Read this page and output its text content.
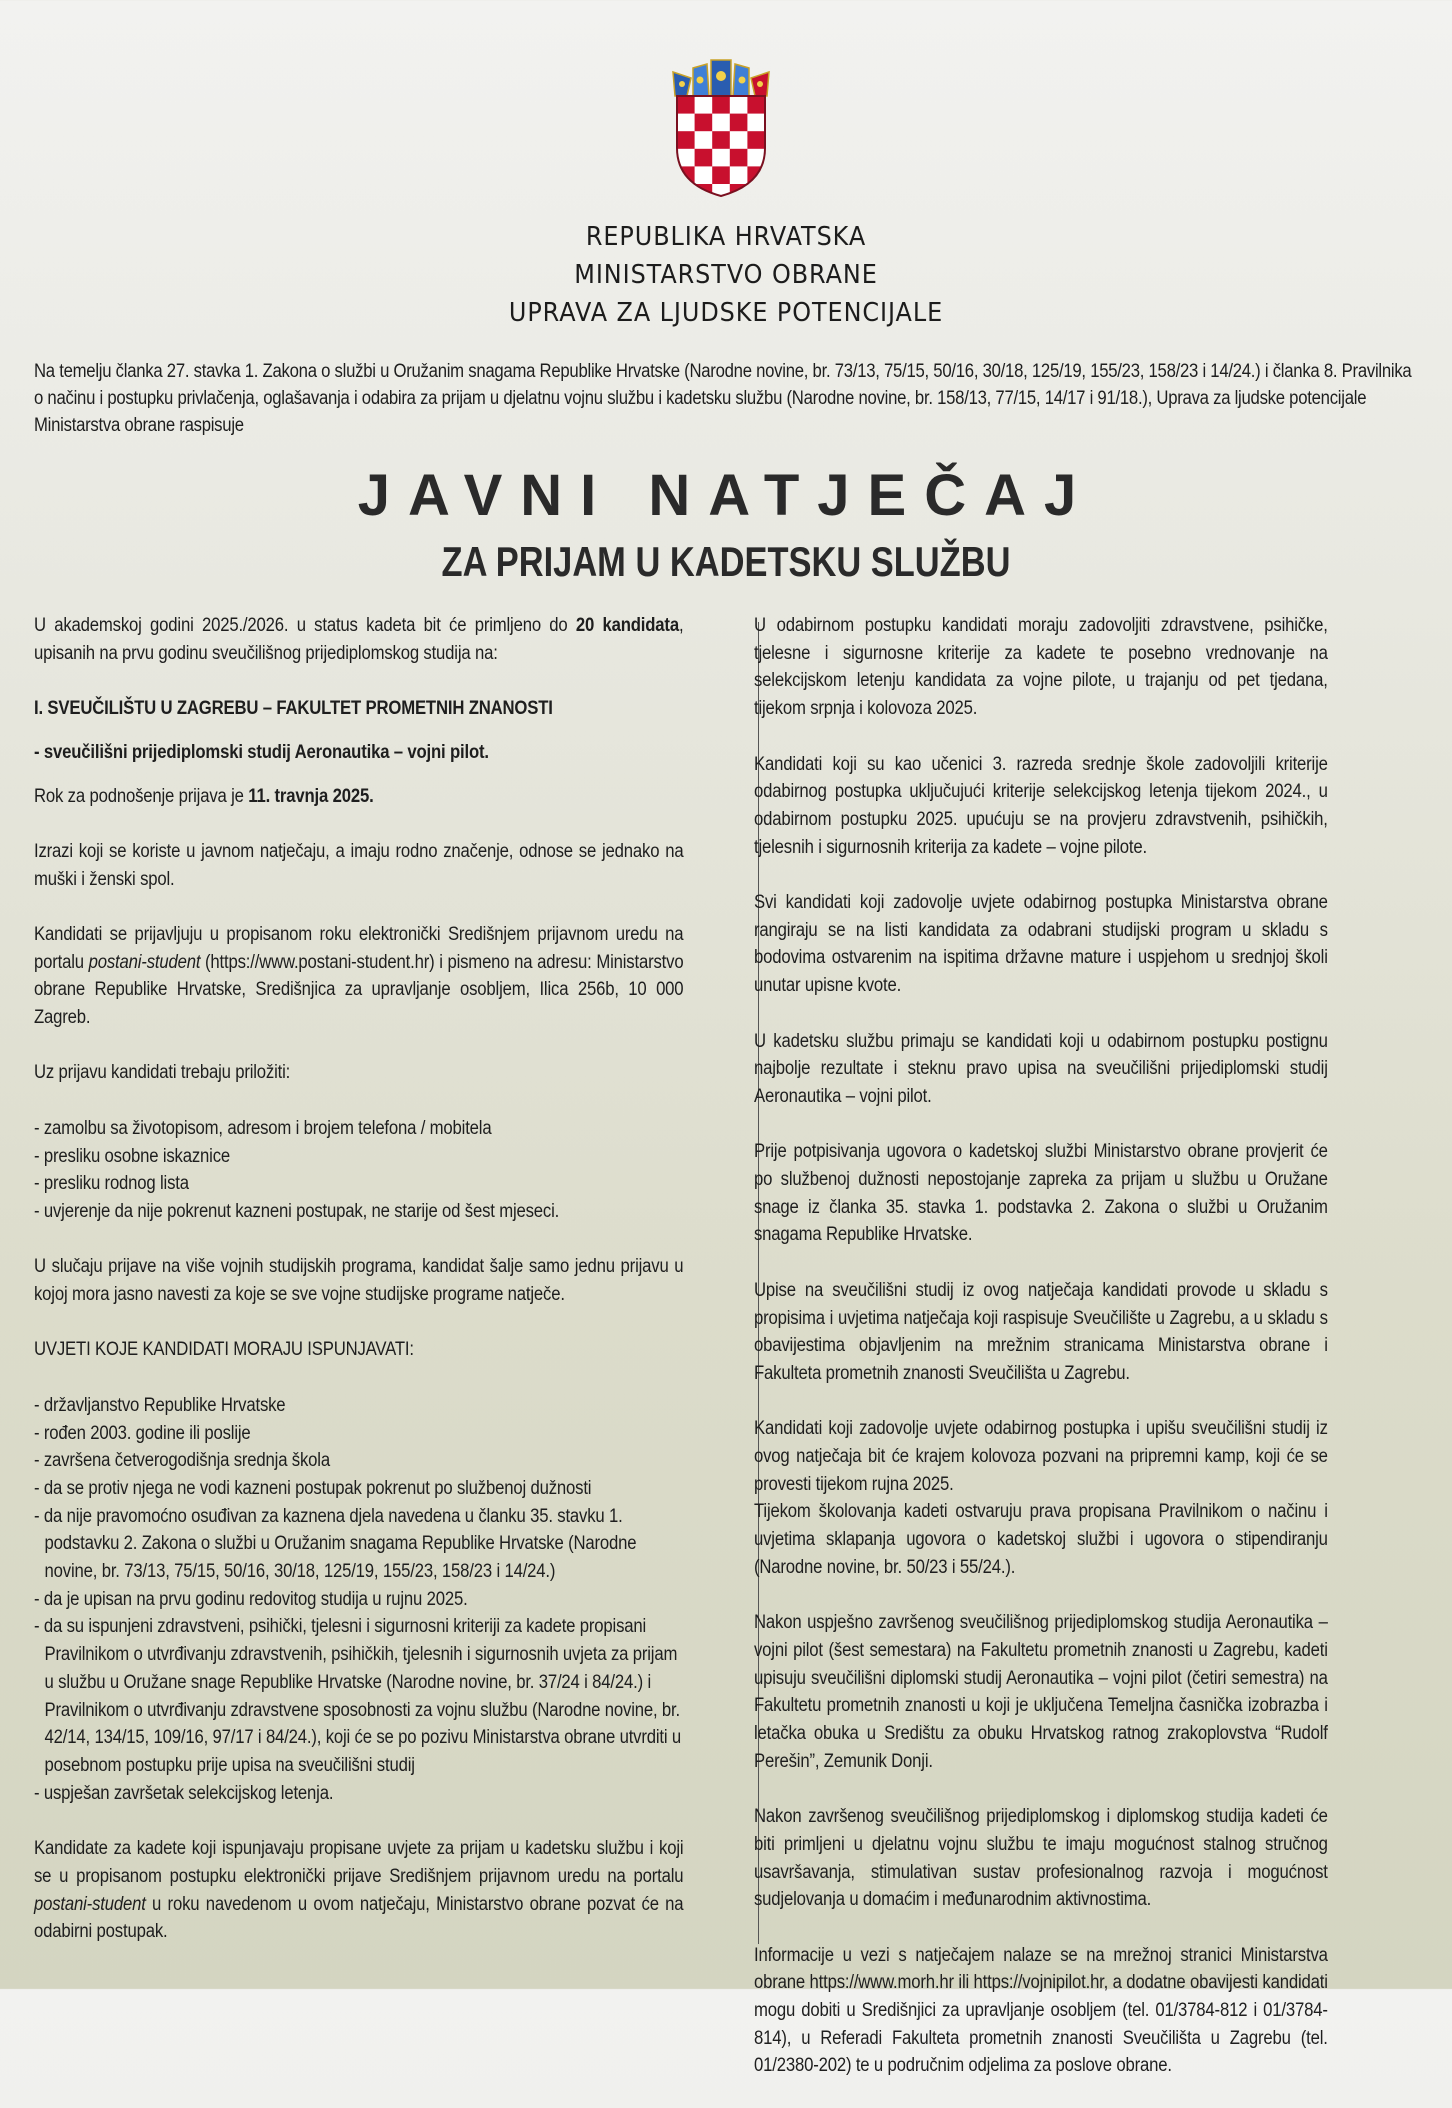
REPUBLIKA HRVATSKA
MINISTARSTVO OBRANE
UPRAVA ZA LJUDSKE POTENCIJALE
Na temelju članka 27. stavka 1. Zakona o službi u Oružanim snagama Republike Hrvatske (Narodne novine, br. 73/13, 75/15, 50/16, 30/18, 125/19, 155/23, 158/23 i 14/24.) i članka 8. Pravilnika o načinu i postupku privlačenja, oglašavanja i odabira za prijam u djelatnu vojnu službu i kadetsku službu (Narodne novine, br. 158/13, 77/15, 14/17 i 91/18.), Uprava za ljudske potencijale Ministarstva obrane raspisuje
JAVNI NATJEČAJ
ZA PRIJAM U KADETSKU SLUŽBU

U akademskoj godini 2025./2026. u status kadeta bit će primljeno do 20 kandidata, upisanih na prvu godinu sveučilišnog prijediplomskog studija na:

I. SVEUČILIŠTU U ZAGREBU – FAKULTET PROMETNIH ZNANOSTI

- sveučilišni prijediplomski studij Aeronautika – vojni pilot.

Rok za podnošenje prijava je 11. travnja 2025.

Izrazi koji se koriste u javnom natječaju, a imaju rodno značenje, odnose se jednako na muški i ženski spol.

Kandidati se prijavljuju u propisanom roku elektronički Središnjem prijavnom uredu na portalu postani-student (https://www.postani-student.hr) i pismeno na adresu: Ministarstvo obrane Republike Hrvatske, Središnjica za upravljanje osobljem, Ilica 256b, 10 000 Zagreb.

Uz prijavu kandidati trebaju priložiti:

- zamolbu sa životopisom, adresom i brojem telefona / mobitela
- presliku osobne iskaznice
- presliku rodnog lista
- uvjerenje da nije pokrenut kazneni postupak, ne starije od šest mjeseci.

U slučaju prijave na više vojnih studijskih programa, kandidat šalje samo jednu prijavu u kojoj mora jasno navesti za koje se sve vojne studijske programe natječe.

UVJETI KOJE KANDIDATI MORAJU ISPUNJAVATI:

- državljanstvo Republike Hrvatske
- rođen 2003. godine ili poslije
- završena četverogodišnja srednja škola
- da se protiv njega ne vodi kazneni postupak pokrenut po službenoj dužnosti
- da nije pravomoćno osuđivan za kaznena djela navedena u članku 35. stavku 1. podstavku 2. Zakona o službi u Oružanim snagama Republike Hrvatske (Narodne novine, br. 73/13, 75/15, 50/16, 30/18, 125/19, 155/23, 158/23 i 14/24.)
- da je upisan na prvu godinu redovitog studija u rujnu 2025.
- da su ispunjeni zdravstveni, psihički, tjelesni i sigurnosni kriteriji za kadete propisani Pravilnikom o utvrđivanju zdravstvenih, psihičkih, tjelesnih i sigurnosnih uvjeta za prijam u službu u Oružane snage Republike Hrvatske (Narodne novine, br. 37/24 i 84/24.) i Pravilnikom o utvrđivanju zdravstvene sposobnosti za vojnu službu (Narodne novine, br. 42/14, 134/15, 109/16, 97/17 i 84/24.), koji će se po pozivu Ministarstva obrane utvrditi u posebnom postupku prije upisa na sveučilišni studij
- uspješan završetak selekcijskog letenja.

Kandidate za kadete koji ispunjavaju propisane uvjete za prijam u kadetsku službu i koji se u propisanom postupku elektronički prijave Središnjem prijavnom uredu na portalu postani-student u roku navedenom u ovom natječaju, Ministarstvo obrane pozvat će na odabirni postupak.

U odabirnom postupku kandidati moraju zadovoljiti zdravstvene, psihičke, tjelesne i sigurnosne kriterije za kadete te posebno vrednovanje na selekcijskom letenju kandidata za vojne pilote, u trajanju od pet tjedana, tijekom srpnja i kolovoza 2025.

Kandidati koji su kao učenici 3. razreda srednje škole zadovoljili kriterije odabirnog postupka uključujući kriterije selekcijskog letenja tijekom 2024., u odabirnom postupku 2025. upućuju se na provjeru zdravstvenih, psihičkih, tjelesnih i sigurnosnih kriterija za kadete – vojne pilote.

Svi kandidati koji zadovolje uvjete odabirnog postupka Ministarstva obrane rangiraju se na listi kandidata za odabrani studijski program u skladu s bodovima ostvarenim na ispitima državne mature i uspjehom u srednjoj školi unutar upisne kvote.

U kadetsku službu primaju se kandidati koji u odabirnom postupku postignu najbolje rezultate i steknu pravo upisa na sveučilišni prijediplomski studij Aeronautika – vojni pilot.

Prije potpisivanja ugovora o kadetskoj službi Ministarstvo obrane provjerit će po službenoj dužnosti nepostojanje zapreka za prijam u službu u Oružane snage iz članka 35. stavka 1. podstavka 2. Zakona o službi u Oružanim snagama Republike Hrvatske.

Upise na sveučilišni studij iz ovog natječaja kandidati provode u skladu s propisima i uvjetima natječaja koji raspisuje Sveučilište u Zagrebu, a u skladu s obavijestima objavljenim na mrežnim stranicama Ministarstva obrane i Fakulteta prometnih znanosti Sveučilišta u Zagrebu.

Kandidati koji zadovolje uvjete odabirnog postupka i upišu sveučilišni studij iz ovog natječaja bit će krajem kolovoza pozvani na pripremni kamp, koji će se provesti tijekom rujna 2025.

Tijekom školovanja kadeti ostvaruju prava propisana Pravilnikom o načinu i uvjetima sklapanja ugovora o kadetskoj službi i ugovora o stipendiranju (Narodne novine, br. 50/23 i 55/24.).

Nakon uspješno završenog sveučilišnog prijediplomskog studija Aeronautika – vojni pilot (šest semestara) na Fakultetu prometnih znanosti u Zagrebu, kadeti upisuju sveučilišni diplomski studij Aeronautika – vojni pilot (četiri semestra) na Fakultetu prometnih znanosti u koji je uključena Temeljna časnička izobrazba i letačka obuka u Središtu za obuku Hrvatskog ratnog zrakoplovstva “Rudolf Perešin”, Zemunik Donji.

Nakon završenog sveučilišnog prijediplomskog i diplomskog studija kadeti će biti primljeni u djelatnu vojnu službu te imaju mogućnost stalnog stručnog usavršavanja, stimulativan sustav profesionalnog razvoja i mogućnost sudjelovanja u domaćim i međunarodnim aktivnostima.

Informacije u vezi s natječajem nalaze se na mrežnoj stranici Ministarstva obrane https://www.morh.hr ili https://vojnipilot.hr, a dodatne obavijesti kandidati mogu dobiti u Središnjici za upravljanje osobljem (tel. 01/3784-812 i 01/3784-814), u Referadi Fakulteta prometnih znanosti Sveučilišta u Zagrebu (tel. 01/2380-202) te u područnim odjelima za poslove obrane.
